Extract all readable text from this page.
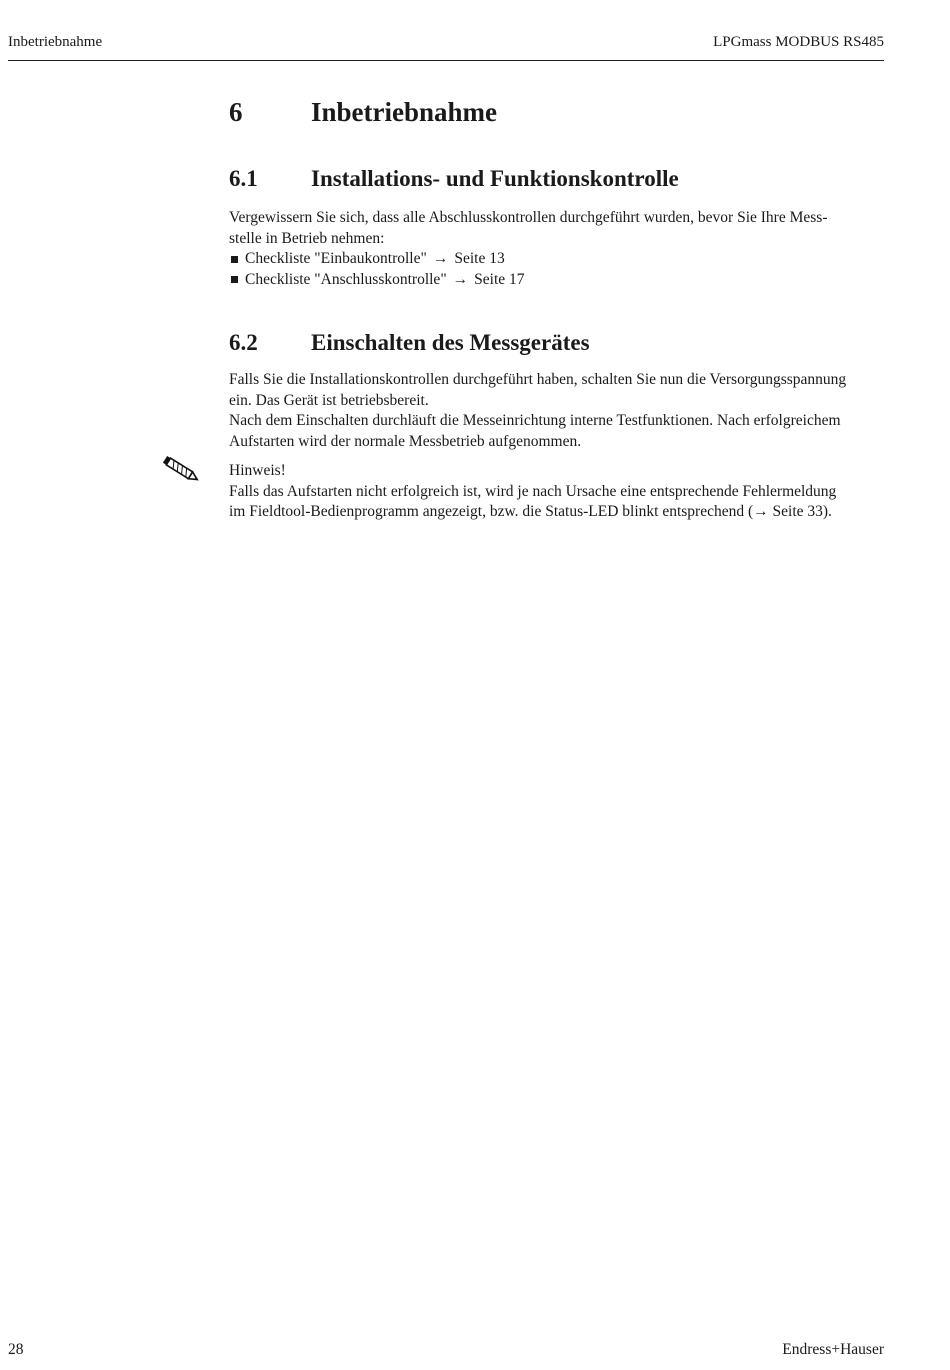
Inbetriebnahme	LPGmass MODBUS RS485
6	Inbetriebnahme
6.1	Installations- und Funktionskontrolle

Vergewissern Sie sich, dass alle Abschlusskontrollen durchgeführt wurden, bevor Sie Ihre Mess-
stelle in Betrieb nehmen:

Checkliste "Einbaukontrolle" → Seite 13
Checkliste "Anschlusskontrolle" → Seite 17
6.2	Einschalten des Messgerätes

Falls Sie die Installationskontrollen durchgeführt haben, schalten Sie nun die Versorgungsspannung
ein. Das Gerät ist betriebsbereit.

Nach dem Einschalten durchläuft die Messeinrichtung interne Testfunktionen. Nach erfolgreichem
Aufstarten wird der normale Messbetrieb aufgenommen.

Hinweis!
Falls das Aufstarten nicht erfolgreich ist, wird je nach Ursache eine entsprechende Fehlermeldung
im Fieldtool-Bedienprogramm angezeigt, bzw. die Status-LED blinkt entsprechend (→ Seite 33).

28	Endress+Hauser
